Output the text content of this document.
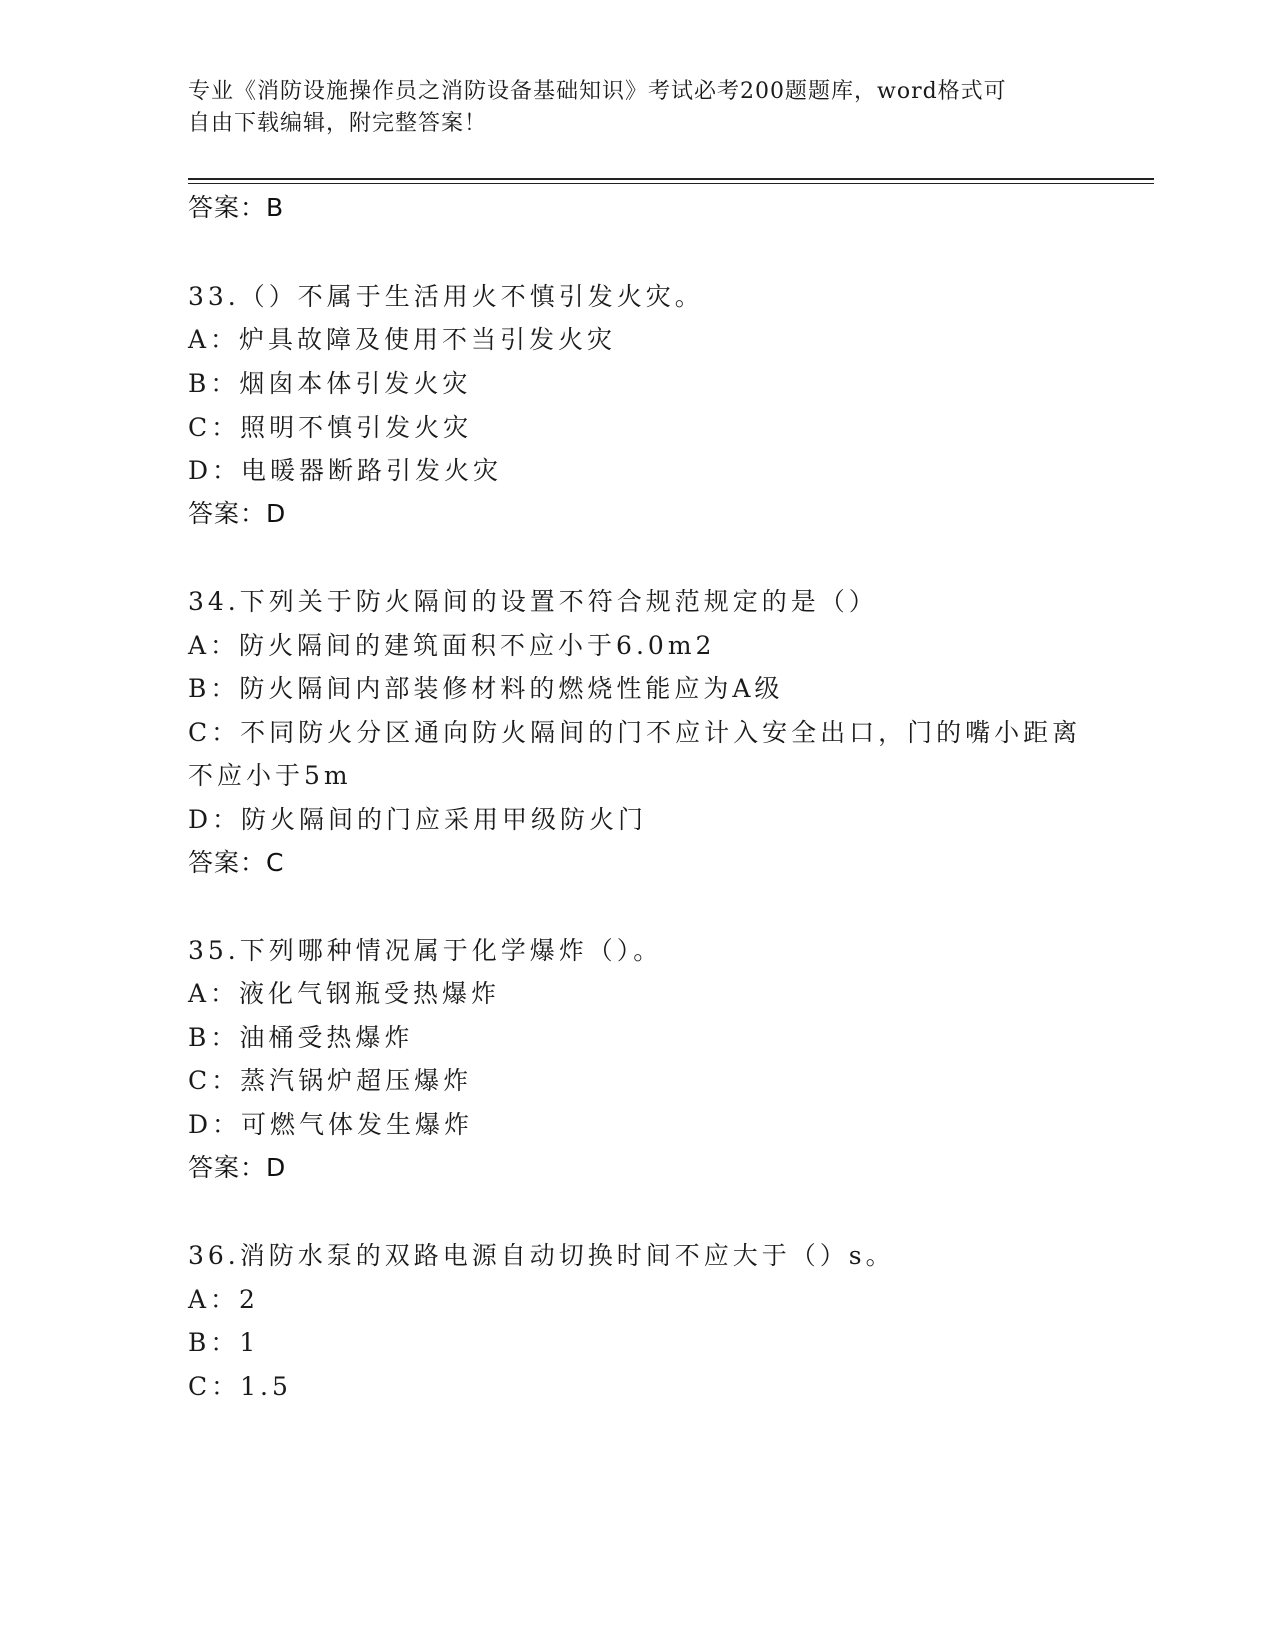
专业《消防设施操作员之消防设备基础知识》考试必考200题题库，word格式可
自由下载编辑，附完整答案！
答案：B
33.（）不属于生活用火不慎引发火灾。
A：炉具故障及使用不当引发火灾
B：烟囱本体引发火灾
C：照明不慎引发火灾
D：电暖器断路引发火灾
答案：D
34.下列关于防火隔间的设置不符合规范规定的是（）
A：防火隔间的建筑面积不应小于6.0m2
B：防火隔间内部装修材料的燃烧性能应为A级
C：不同防火分区通向防火隔间的门不应计入安全出口，门的嘴小距离
不应小于5m
D：防火隔间的门应采用甲级防火门
答案：C
35.下列哪种情况属于化学爆炸（）。
A：液化气钢瓶受热爆炸
B：油桶受热爆炸
C：蒸汽锅炉超压爆炸
D：可燃气体发生爆炸
答案：D
36.消防水泵的双路电源自动切换时间不应大于（）s。
A：2
B：1
C：1.5
